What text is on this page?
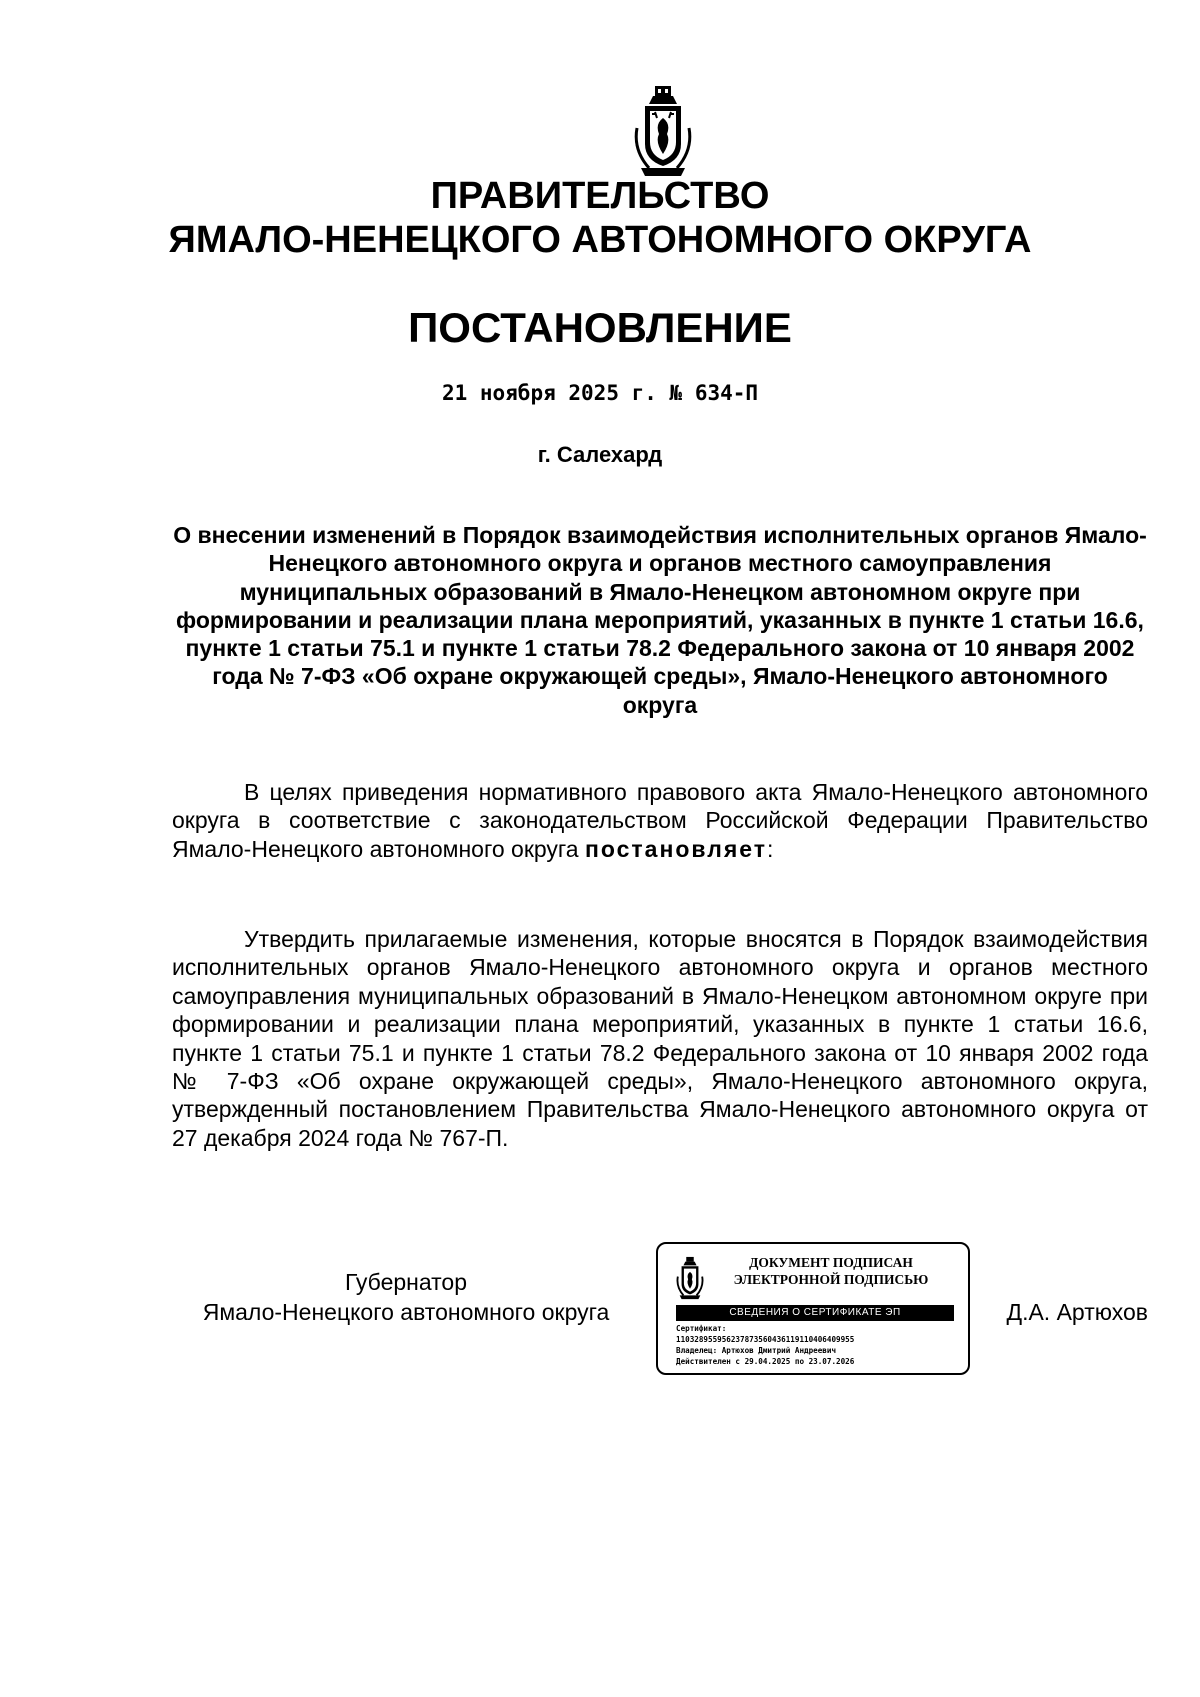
ПРАВИТЕЛЬСТВО
ЯМАЛО-НЕНЕЦКОГО АВТОНОМНОГО ОКРУГА
ПОСТАНОВЛЕНИЕ
21 ноября 2025 г. № 634-П
г. Салехард
О внесении изменений в Порядок взаимодействия исполнительных органов Ямало-Ненецкого автономного округа и органов местного самоуправления муниципальных образований в Ямало-Ненецком автономном округе при формировании и реализации плана мероприятий, указанных в пункте 1 статьи 16.6, пункте 1 статьи 75.1 и пункте 1 статьи 78.2 Федерального закона от 10 января 2002 года № 7-ФЗ «Об охране окружающей среды», Ямало-Ненецкого автономного округа

В целях приведения нормативного правового акта Ямало-Ненецкого автономного округа в соответствие с законодательством Российской Федерации Правительство Ямало-Ненецкого автономного округа постановляет:

Утвердить прилагаемые изменения, которые вносятся в Порядок взаимодействия исполнительных органов Ямало-Ненецкого автономного округа и органов местного самоуправления муниципальных образований в Ямало-Ненецком автономном округе при формировании и реализации плана мероприятий, указанных в пункте 1 статьи 16.6, пункте 1 статьи 75.1 и пункте 1 статьи 78.2 Федерального закона от 10 января 2002 года № 7-ФЗ «Об охране окружающей среды», Ямало-Ненецкого автономного округа, утвержденный постановлением Правительства Ямало-Ненецкого автономного округа от 27 декабря 2024 года № 767-П.

Губернатор
Ямало-Ненецкого автономного округа
ДОКУМЕНТ ПОДПИСАН
ЭЛЕКТРОННОЙ ПОДПИСЬЮ
СВЕДЕНИЯ О СЕРТИФИКАТЕ ЭП
Сертификат:
110328955956237873560436119110406409955
Владелец: Артюхов Дмитрий Андреевич
Действителен с 29.04.2025 по 23.07.2026
Д.А. Артюхов
